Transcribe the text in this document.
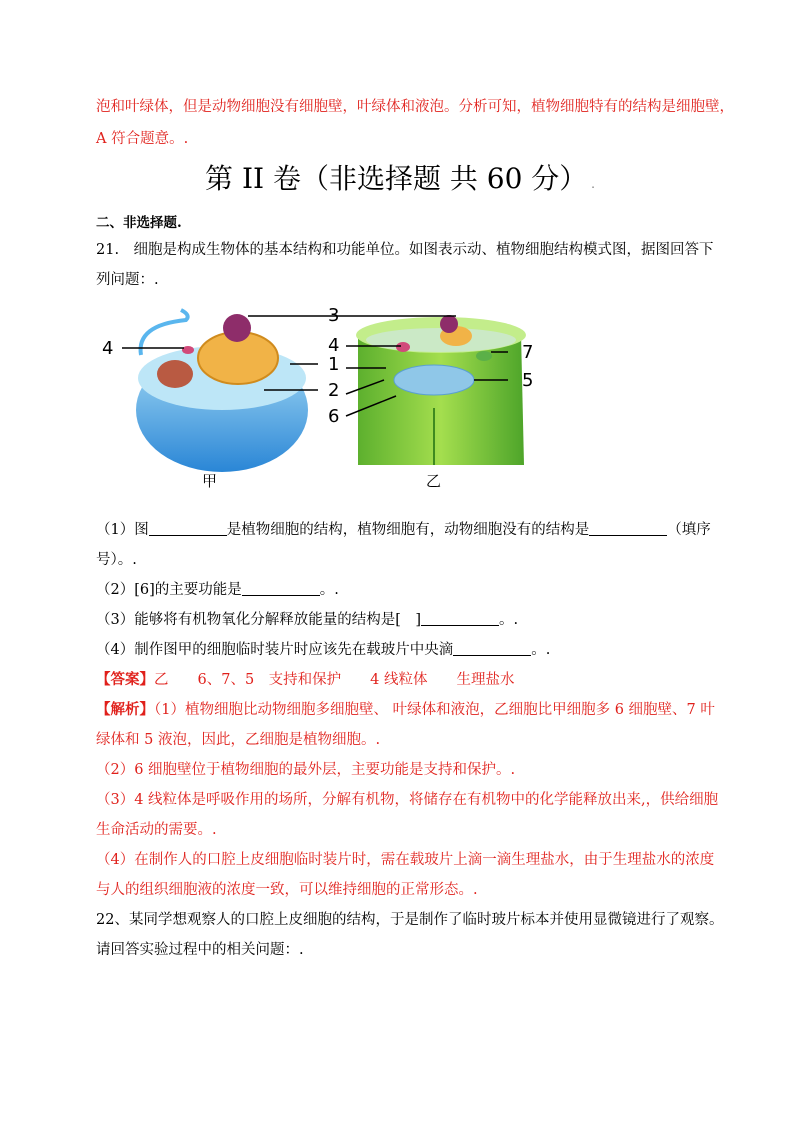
泡和叶绿体，但是动物细胞没有细胞壁，叶绿体和液泡。分析可知，植物细胞特有的结构是细胞壁，
A 符合题意。.
第 II 卷（非选择题 共 60 分） .
二、非选择题.
21.　细胞是构成生物体的基本结构和功能单位。如图表示动、植物细胞结构模式图，据图回答下
列问题：.
3
4
1
2
4
5
6
7
甲	乙
（1）图	是植物细胞的结构，植物细胞有，动物细胞没有的结构是	（填序
号）。.
（2）[6]的主要功能是	。.
（3）能够将有机物氧化分解释放能量的结构是[　]	。.
（4）制作图甲的细胞临时装片时应该先在载玻片中央滴	。.
【答案】乙　　6、7、5　支持和保护　　4 线粒体　　生理盐水
【解析】（1）植物细胞比动物细胞多细胞壁、 叶绿体和液泡，乙细胞比甲细胞多 6 细胞壁、7 叶
绿体和 5 液泡，因此，乙细胞是植物细胞。.
（2）6 细胞壁位于植物细胞的最外层，主要功能是支持和保护。.
（3）4 线粒体是呼吸作用的场所，分解有机物，将储存在有机物中的化学能释放出来,，供给细胞
生命活动的需要。.
（4）在制作人的口腔上皮细胞临时装片时，需在载玻片上滴一滴生理盐水，由于生理盐水的浓度
与人的组织细胞液的浓度一致，可以维持细胞的正常形态。.
22、某同学想观察人的口腔上皮细胞的结构，于是制作了临时玻片标本并使用显微镜进行了观察。
请回答实验过程中的相关问题：.
